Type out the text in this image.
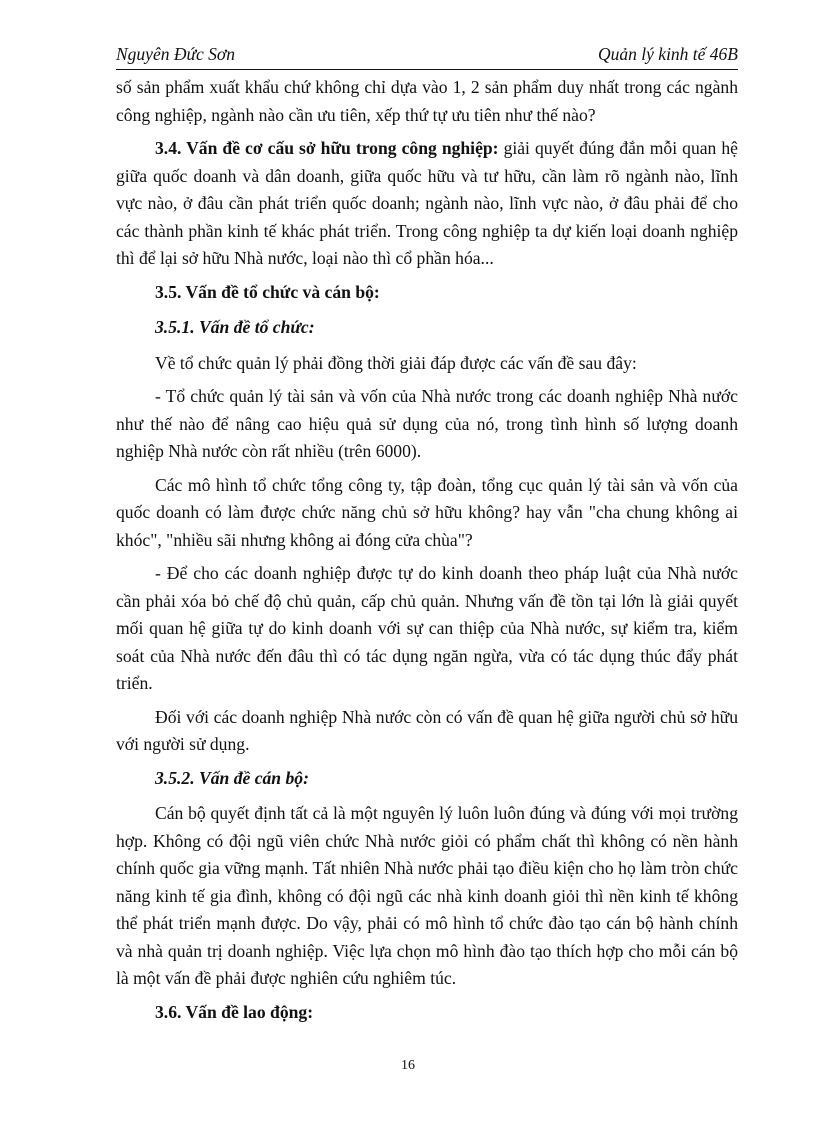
Nguyên Đức Sơn	Quản lý kinh tế 46B

số sản phẩm xuất khẩu chứ không chỉ dựa vào 1, 2 sản phẩm duy nhất trong các ngành công nghiệp, ngành nào cần ưu tiên, xếp thứ tự ưu tiên như thế nào?

3.4. Vấn đề cơ cấu sở hữu trong công nghiệp: giải quyết đúng đắn mỗi quan hệ giữa quốc doanh và dân doanh, giữa quốc hữu và tư hữu, cần làm rõ ngành nào, lĩnh vực nào, ở đâu cần phát triển quốc doanh; ngành nào, lĩnh vực nào, ở đâu phải để cho các thành phần kinh tế khác phát triển. Trong công nghiệp ta dự kiến loại doanh nghiệp thì để lại sở hữu Nhà nước, loại nào thì cổ phần hóa...

3.5. Vấn đề tổ chức và cán bộ:

3.5.1. Vấn đề tổ chức:

Về tổ chức quản lý phải đồng thời giải đáp được các vấn đề sau đây:

- Tổ chức quản lý tài sản và vốn của Nhà nước trong các doanh nghiệp Nhà nước như thế nào để nâng cao hiệu quả sử dụng của nó, trong tình hình số lượng doanh nghiệp Nhà nước còn rất nhiều (trên 6000).

Các mô hình tổ chức tổng công ty, tập đoàn, tổng cục quản lý tài sản và vốn của quốc doanh có làm được chức năng chủ sở hữu không? hay vẫn "cha chung không ai khóc", "nhiều sãi nhưng không ai đóng cửa chùa"?

- Để cho các doanh nghiệp được tự do kinh doanh theo pháp luật của Nhà nước cần phải xóa bỏ chế độ chủ quản, cấp chủ quản. Nhưng vấn đề tồn tại lớn là giải quyết mối quan hệ giữa tự do kinh doanh với sự can thiệp của Nhà nước, sự kiểm tra, kiểm soát của Nhà nước đến đâu thì có tác dụng ngăn ngừa, vừa có tác dụng thúc đẩy phát triển.

Đối với các doanh nghiệp Nhà nước còn có vấn đề quan hệ giữa người chủ sở hữu với người sử dụng.

3.5.2. Vấn đề cán bộ:

Cán bộ quyết định tất cả là một nguyên lý luôn luôn đúng và đúng với mọi trường hợp. Không có đội ngũ viên chức Nhà nước giỏi có phẩm chất thì không có nền hành chính quốc gia vững mạnh. Tất nhiên Nhà nước phải tạo điều kiện cho họ làm tròn chức năng kinh tế gia đình, không có đội ngũ các nhà kinh doanh giỏi thì nền kinh tế không thể phát triển mạnh được. Do vậy, phải có mô hình tổ chức đào tạo cán bộ hành chính và nhà quản trị doanh nghiệp. Việc lựa chọn mô hình đào tạo thích hợp cho mỗi cán bộ là một vấn đề phải được nghiên cứu nghiêm túc.

3.6. Vấn đề lao động:

16
